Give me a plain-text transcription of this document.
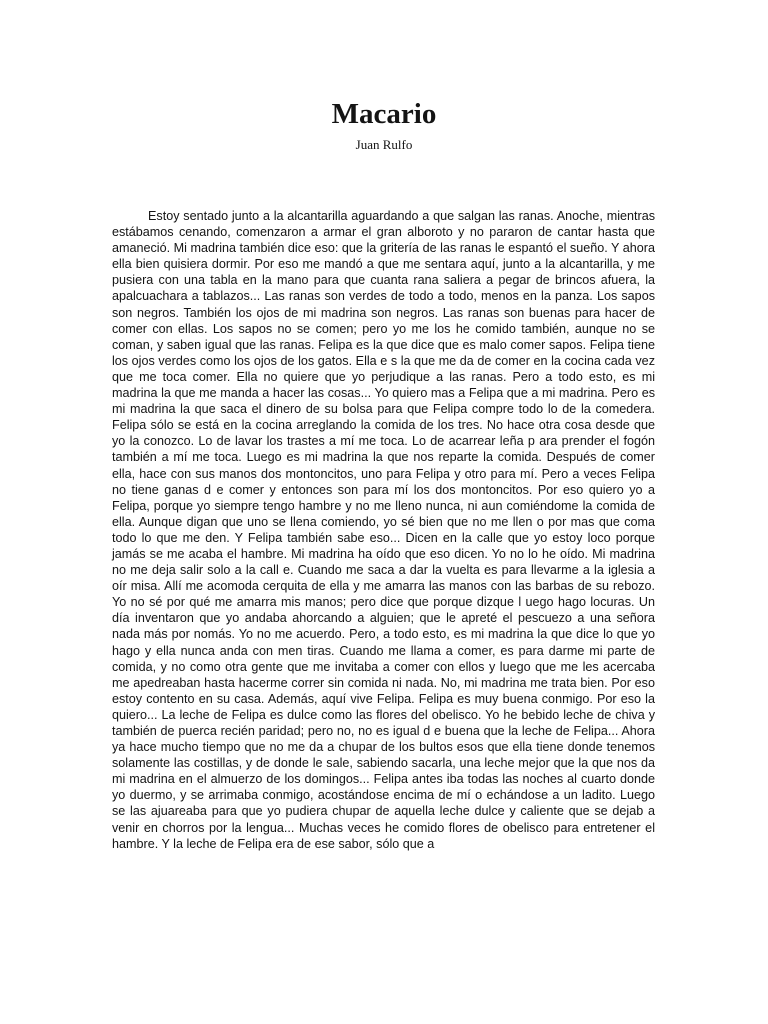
Macario

Juan Rulfo

Estoy sentado junto a la alcantarilla aguardando a que salgan las ranas. Anoche, mientras estábamos cenando, comenzaron a armar el gran alboroto y no pararon de cantar hasta que amaneció. Mi madrina también dice eso: que la gritería de las ranas le espantó el sueño. Y ahora ella bien quisiera dormir. Por eso me mandó a que me sentara aquí, junto a la alcantarilla, y me pusiera con una tabla en la mano para que cuanta rana saliera a pegar de brincos afuera, la apalcuachara a tablazos... Las ranas son verdes de todo a todo, menos en la panza. Los sapos son negros. También los ojos de mi madrina son negros. Las ranas son buenas para hacer de comer con ellas. Los sapos no se comen; pero yo me los he comido también, aunque no se coman, y saben igual que las ranas. Felipa es la que dice que es malo comer sapos. Felipa tiene los ojos verdes como los ojos de los gatos. Ella e s la que me da de comer en la cocina cada vez que me toca comer. Ella no quiere que yo perjudique a las ranas. Pero a todo esto, es mi madrina la que me manda a hacer las cosas... Yo quiero mas a Felipa que a mi madrina. Pero es mi madrina la que saca el dinero de su bolsa para que Felipa compre todo lo de la comedera. Felipa sólo se está en la cocina arreglando la comida de los tres. No hace otra cosa desde que yo la conozco. Lo de lavar los trastes a mí me toca. Lo de acarrear leña p ara prender el fogón también a mí me toca. Luego es mi madrina la que nos reparte la comida. Después de comer ella, hace con sus manos dos montoncitos, uno para Felipa y otro para mí. Pero a veces Felipa no tiene ganas d e comer y entonces son para mí los dos montoncitos. Por eso quiero yo a Felipa, porque yo siempre tengo hambre y no me lleno nunca, ni aun comiéndome la comida de ella. Aunque digan que uno se llena comiendo, yo sé bien que no me llen o por mas que coma todo lo que me den. Y Felipa también sabe eso... Dicen en la calle que yo estoy loco porque jamás se me acaba el hambre. Mi madrina ha oído que eso dicen. Yo no lo he oído. Mi madrina no me deja salir solo a la call e. Cuando me saca a dar la vuelta es para llevarme a la iglesia a oír misa. Allí me acomoda cerquita de ella y me amarra las manos con las barbas de su rebozo. Yo no sé por qué me amarra mis manos; pero dice que porque dizque l uego hago locuras. Un día inventaron que yo andaba ahorcando a alguien; que le apreté el pescuezo a una señora nada más por nomás. Yo no me acuerdo. Pero, a todo esto, es mi madrina la que dice lo que yo hago y ella nunca anda con men tiras. Cuando me llama a comer, es para darme mi parte de comida, y no como otra gente que me invitaba a comer con ellos y luego que me les acercaba me apedreaban hasta hacerme correr sin comida ni nada. No, mi madrina me trata bien. Por eso estoy contento en su casa. Además, aquí vive Felipa. Felipa es muy buena conmigo. Por eso la quiero... La leche de Felipa es dulce como las flores del obelisco. Yo he bebido leche de chiva y también de puerca recién paridad; pero no, no es igual d e buena que la leche de Felipa... Ahora ya hace mucho tiempo que no me da a chupar de los bultos esos que ella tiene donde tenemos solamente las costillas, y de donde le sale, sabiendo sacarla, una leche mejor que la que nos da mi madrina en el almuerzo de los domingos... Felipa antes iba todas las noches al cuarto donde yo duermo, y se arrimaba conmigo, acostándose encima de mí o echándose a un ladito. Luego se las ajuareaba para que yo pudiera chupar de aquella leche dulce y caliente que se dejab a venir en chorros por la lengua... Muchas veces he comido flores de obelisco para entretener el hambre. Y la leche de Felipa era de ese sabor, sólo que a
